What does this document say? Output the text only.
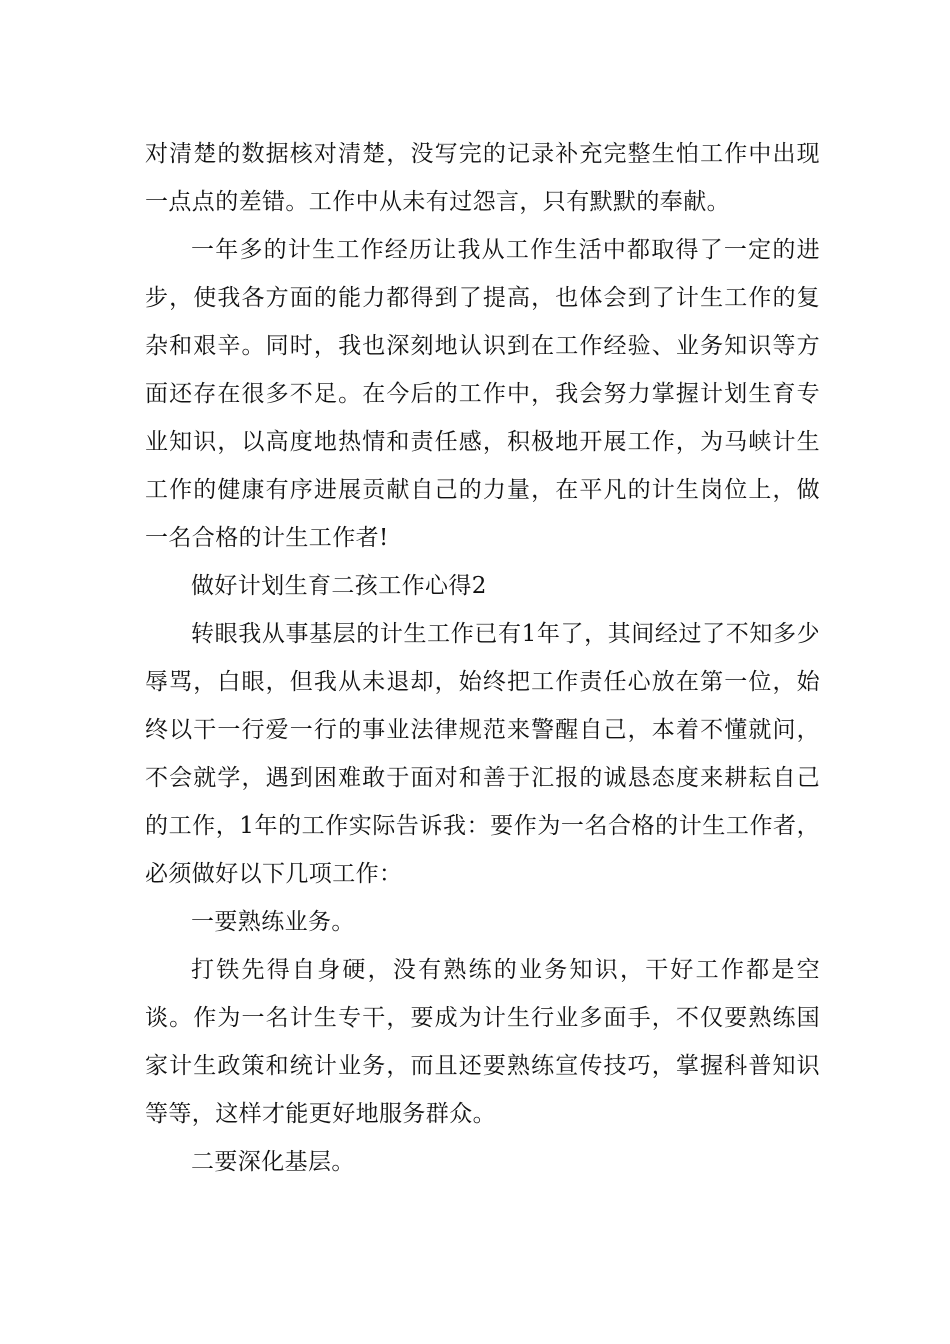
对清楚的数据核对清楚，没写完的记录补充完整生怕工作中出现一点点的差错。工作中从未有过怨言，只有默默的奉献。

一年多的计生工作经历让我从工作生活中都取得了一定的进步，使我各方面的能力都得到了提高，也体会到了计生工作的复杂和艰辛。同时，我也深刻地认识到在工作经验、业务知识等方面还存在很多不足。在今后的工作中，我会努力掌握计划生育专业知识，以高度地热情和责任感，积极地开展工作，为马峡计生工作的健康有序进展贡献自己的力量，在平凡的计生岗位上，做一名合格的计生工作者!

做好计划生育二孩工作心得2

转眼我从事基层的计生工作已有1年了，其间经过了不知多少辱骂，白眼，但我从未退却，始终把工作责任心放在第一位，始终以干一行爱一行的事业法律规范来警醒自己，本着不懂就问，不会就学，遇到困难敢于面对和善于汇报的诚恳态度来耕耘自己的工作，1年的工作实际告诉我：要作为一名合格的计生工作者，必须做好以下几项工作：

一要熟练业务。

打铁先得自身硬，没有熟练的业务知识，干好工作都是空谈。作为一名计生专干，要成为计生行业多面手，不仅要熟练国家计生政策和统计业务，而且还要熟练宣传技巧，掌握科普知识等等，这样才能更好地服务群众。

二要深化基层。
